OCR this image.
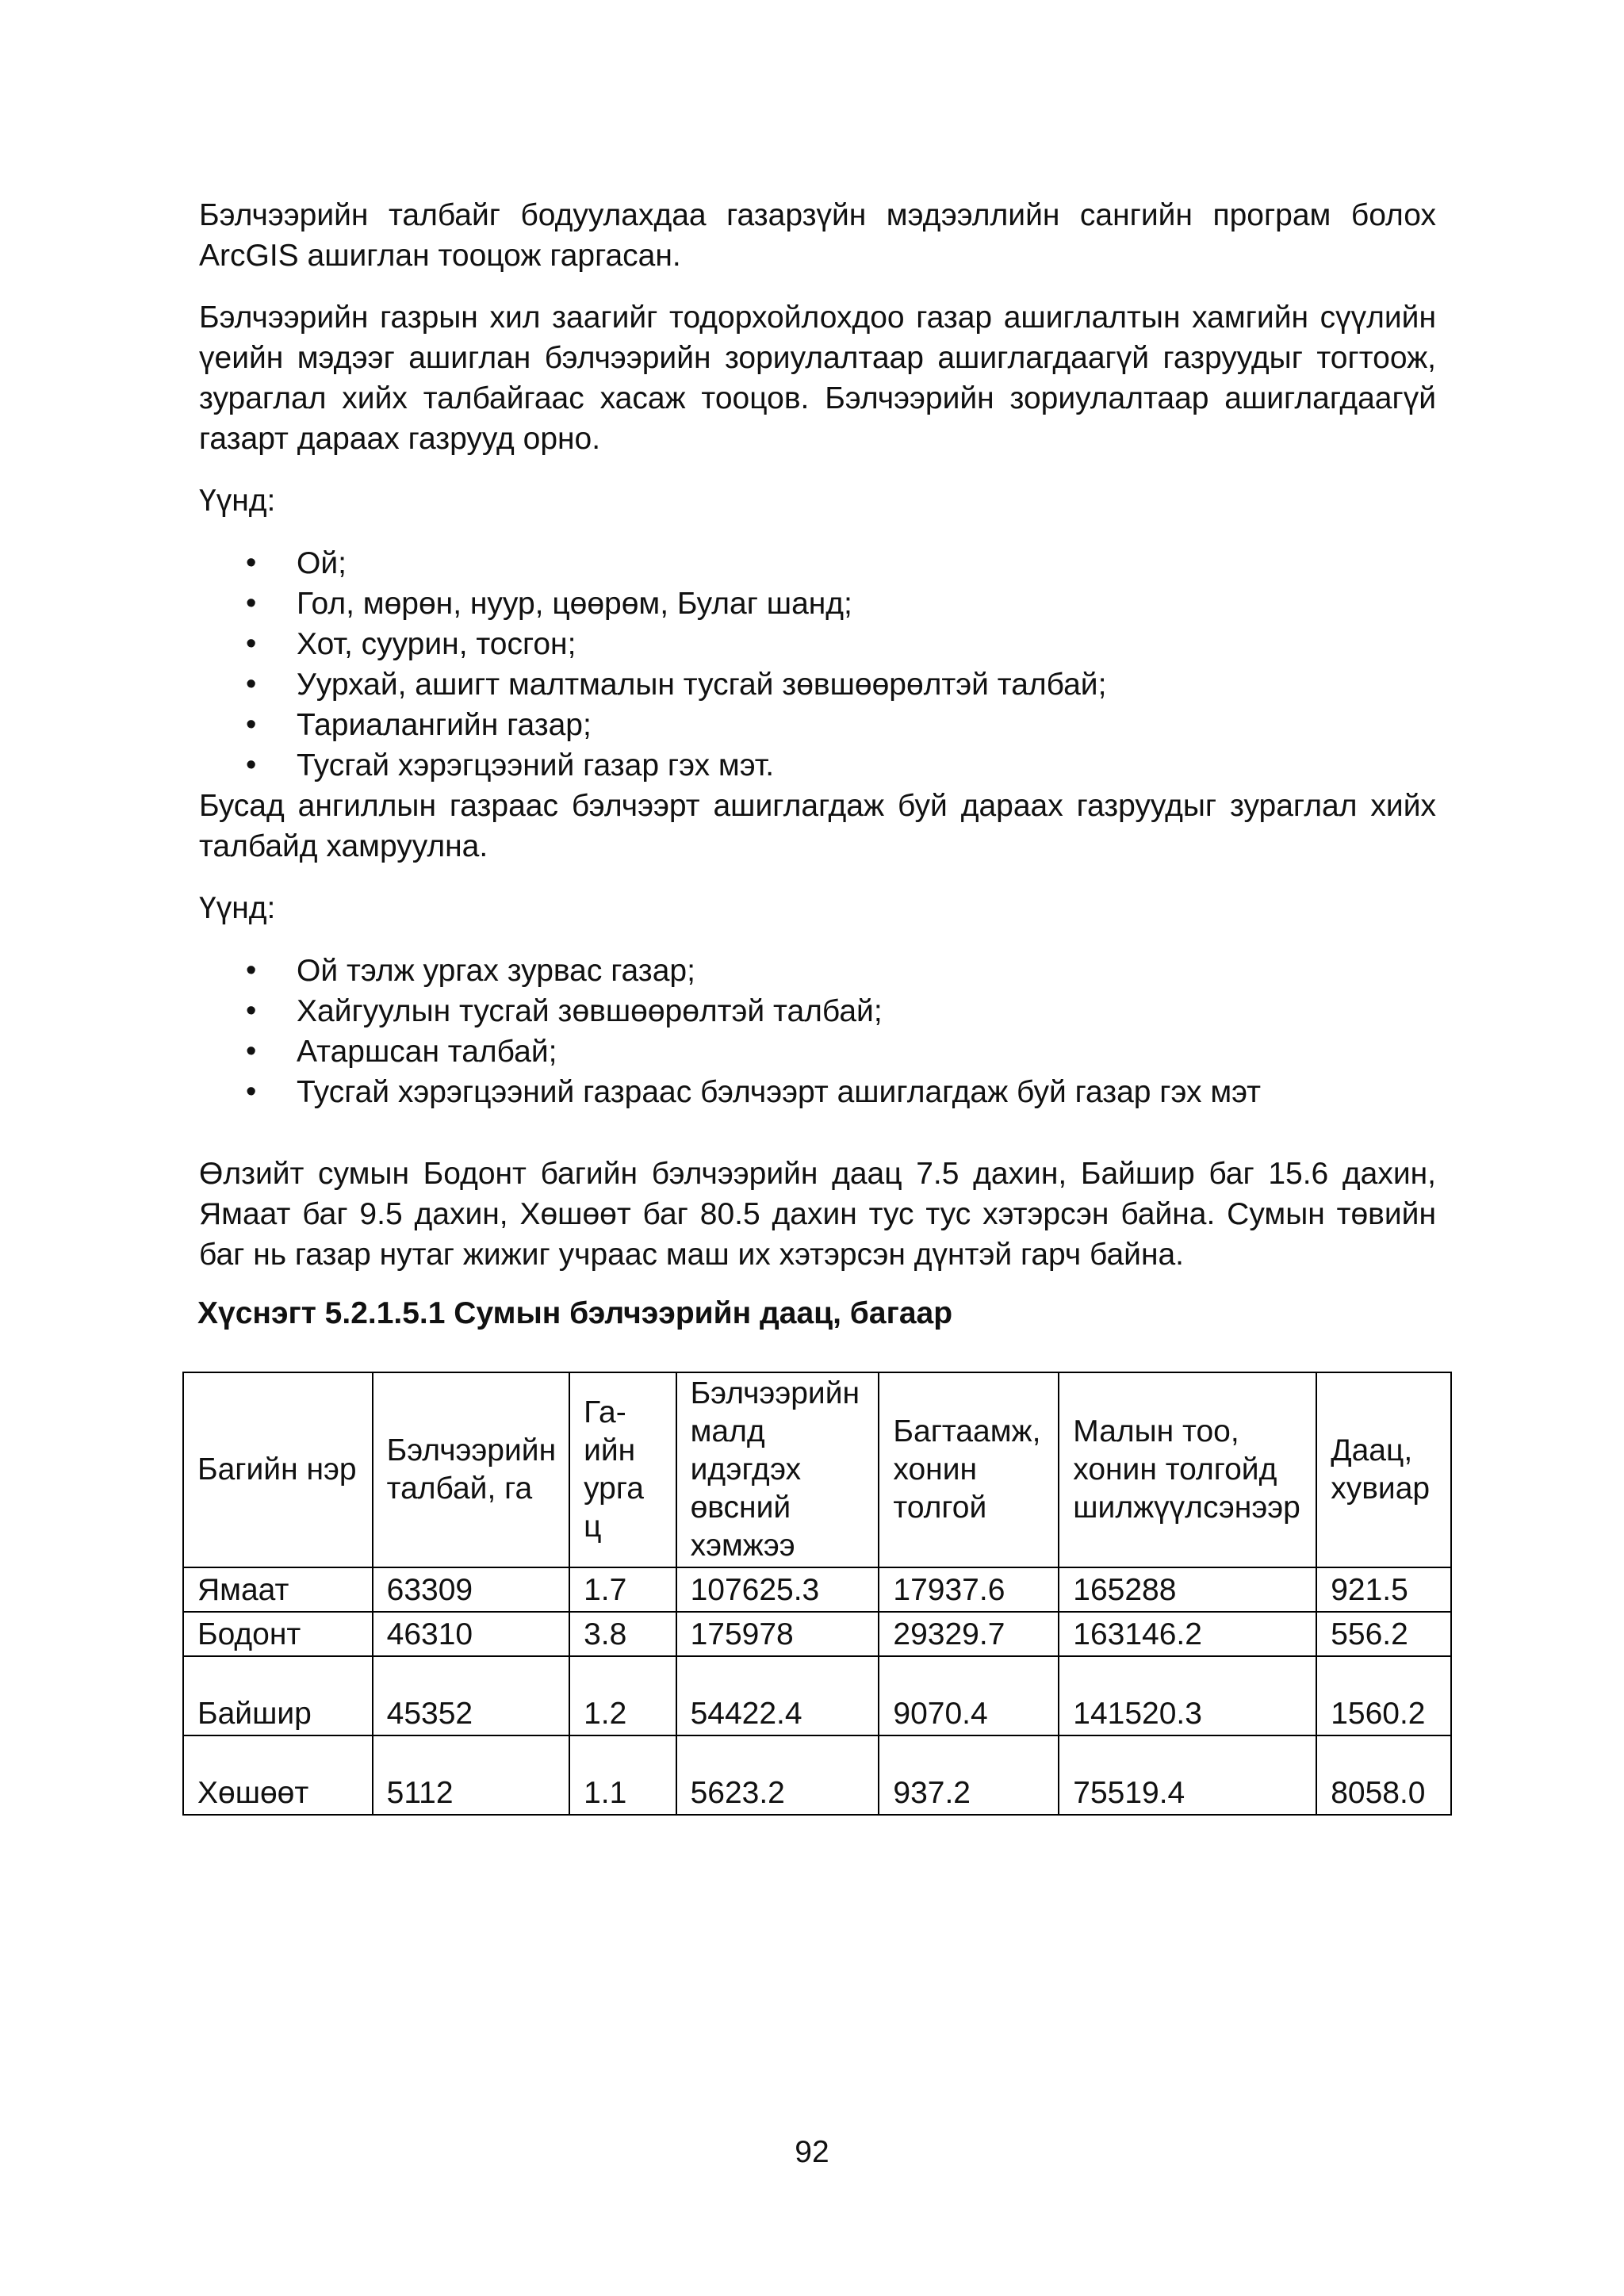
Бэлчээрийн талбайг бодуулахдаа газарзүйн мэдээллийн сангийн програм болох ArcGIS ашиглан тооцож гаргасан.

Бэлчээрийн газрын хил заагийг тодорхойлохдоо газар ашиглалтын хамгийн сүүлийн үеийн мэдээг ашиглан бэлчээрийн зориулалтаар ашиглагдаагүй газруудыг тогтоож, зураглал хийх талбайгаас хасаж тооцов. Бэлчээрийн зориулалтаар ашиглагдаагүй газарт дараах газрууд орно.

Үүнд:

• Ой;
• Гол, мөрөн, нуур, цөөрөм, Булаг шанд;
• Хот, суурин, тосгон;
• Уурхай, ашигт малтмалын тусгай зөвшөөрөлтэй талбай;
• Тариалангийн газар;
• Тусгай хэрэгцээний газар гэх мэт.

Бусад ангиллын газраас бэлчээрт ашиглагдаж буй дараах газруудыг зураглал хийх талбайд хамруулна.

Үүнд:

• Ой тэлж ургах зурвас газар;
• Хайгуулын тусгай зөвшөөрөлтэй талбай;
• Атаршсан талбай;
• Тусгай хэрэгцээний газраас бэлчээрт ашиглагдаж буй газар гэх мэт

Өлзийт сумын Бодонт багийн бэлчээрийн даац 7.5 дахин, Байшир баг 15.6 дахин, Ямаат баг 9.5 дахин, Хөшөөт баг 80.5 дахин тус тус хэтэрсэн байна. Сумын төвийн баг нь газар нутаг жижиг учраас маш их хэтэрсэн дүнтэй гарч байна.

Хүснэгт 5.2.1.5.1 Сумын бэлчээрийн даац, багаар
Багийн нэр	Бэлчээрийн талбай, га	Га-ийн урга ц	Бэлчээрийн малд идэгдэх өвсний хэмжээ	Багтаамж, хонин толгой	Малын тоо, хонин толгойд шилжүүлсэнээр	Даац, хувиар
Ямаат	63309	1.7	107625.3	17937.6	165288	921.5
Бодонт	46310	3.8	175978	29329.7	163146.2	556.2
Байшир	45352	1.2	54422.4	9070.4	141520.3	1560.2
Хөшөөт	5112	1.1	5623.2	937.2	75519.4	8058.0
92
